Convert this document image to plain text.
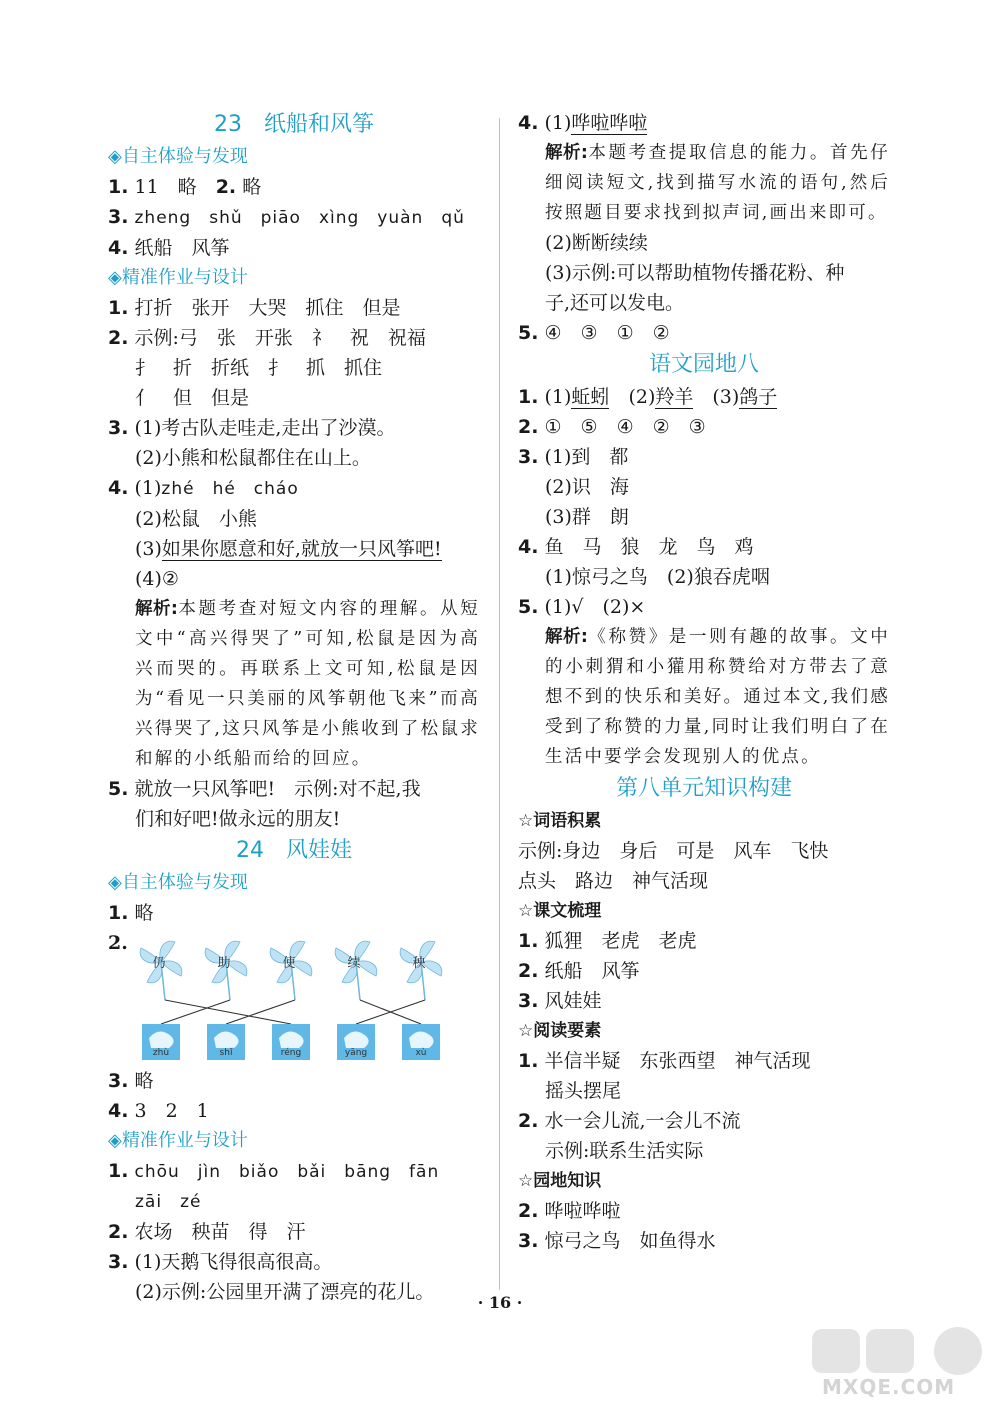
23　纸船和风筝
◈自主体验与发现
1. 11　略　2. 略
3. zheng　shǔ　piāo　xìng　yuàn　qǔ
4. 纸船　风筝
◈精准作业与设计
1. 打折　张开　大哭　抓住　但是
2. 示例:弓　张　开张　礻　祝　祝福
扌　折　折纸　扌　抓　抓住
亻　但　但是
3. (1)考古队走哇走,走出了沙漠。
(2)小熊和松鼠都住在山上。
4. (1)zhé　hé　cháo
(2)松鼠　小熊
(3)如果你愿意和好,就放一只风筝吧!
(4)②
解析:本题考查对短文内容的理解。从短文中“高兴得哭了”可知,松鼠是因为高兴而哭的。再联系上文可知,松鼠是因为“看见一只美丽的风筝朝他飞来”而高兴得哭了,这只风筝是小熊收到了松鼠求和解的小纸船而给的回应。
5. 就放一只风筝吧!　示例:对不起,我
们和好吧!做永远的朋友!
24　风娃娃
◈自主体验与发现
1. 略
2.
仍	助	使	续	秧
zhù	shǐ	réng	yāng	xù
3. 略
4. 3　2　1
◈精准作业与设计
1. chōu　jìn　biǎo　bǎi　bāng　fān
zāi　zé
2. 农场　秧苗　得　汗
3. (1)天鹅飞得很高很高。
(2)示例:公园里开满了漂亮的花儿。
4. (1)哗啦哗啦
解析:本题考查提取信息的能力。首先仔细阅读短文,找到描写水流的语句,然后按照题目要求找到拟声词,画出来即可。
(2)断断续续
(3)示例:可以帮助植物传播花粉、种
子,还可以发电。
5. ④　③　①　②
语文园地八
1. (1)蚯蚓　(2)羚羊　(3)鸽子
2. ①　⑤　④　②　③
3. (1)到　都
(2)识　海
(3)群　朗
4. 鱼　马　狼　龙　鸟　鸡
(1)惊弓之鸟　(2)狼吞虎咽
5. (1)√　(2)×
解析:《称赞》是一则有趣的故事。文中的小刺猬和小獾用称赞给对方带去了意想不到的快乐和美好。通过本文,我们感受到了称赞的力量,同时让我们明白了在生活中要学会发现别人的优点。
第八单元知识构建
☆词语积累
示例:身边　身后　可是　风车　飞快
点头　路边　神气活现
☆课文梳理
1. 狐狸　老虎　老虎
2. 纸船　风筝
3. 风娃娃
☆阅读要素
1. 半信半疑　东张西望　神气活现
摇头摆尾
2. 水一会儿流,一会儿不流
示例:联系生活实际
☆园地知识
2. 哗啦哗啦
3. 惊弓之鸟　如鱼得水
· 16 ·
MXQE.COM
